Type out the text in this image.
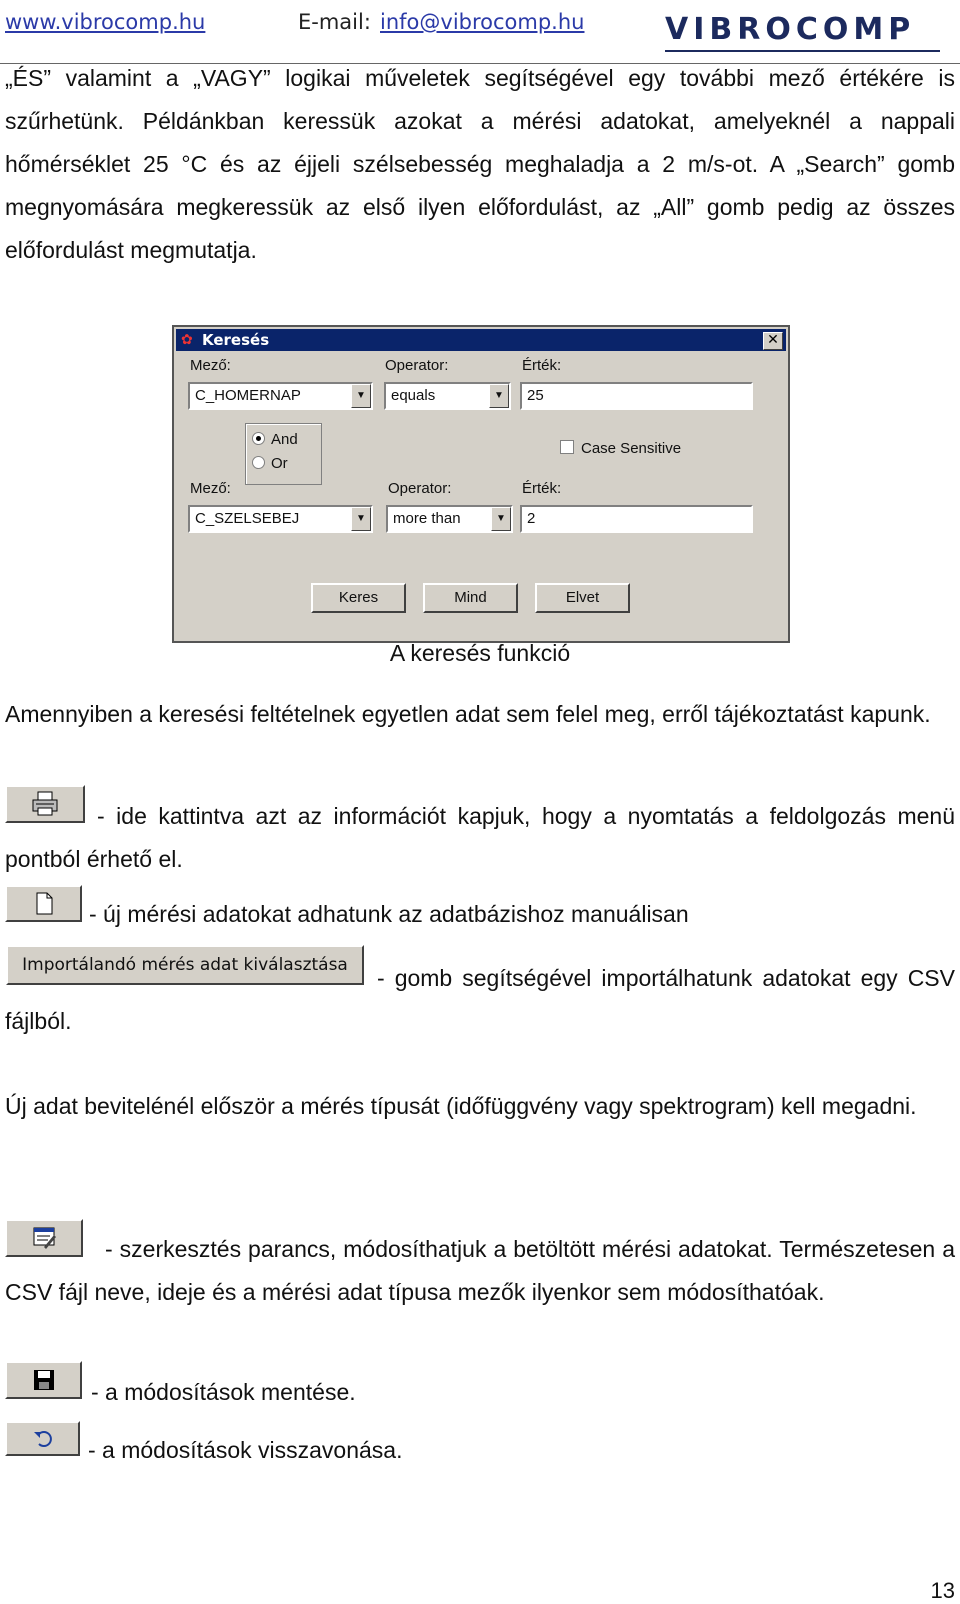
www.vibrocomp.hu	E-mail: info@vibrocomp.hu	VIBROCOMP

„ÉS” valamint a „VAGY” logikai műveletek segítségével egy további mező értékére is szűrhetünk. Példánkban keressük azokat a mérési adatokat, amelyeknél a nappali hőmérséklet 25 °C és az éjjeli szélsebesség meghaladja a 2 m/s-ot. A „Search” gomb megnyomására megkeressük az első ilyen előfordulást, az „All” gomb pedig az összes előfordulást megmutatja.

✿ Keresés	✕
Mező:	Operator:	Érték:
C_HOMERNAP	▼	equals	▼	25
And
Or
Case Sensitive
Mező:	Operator:	Érték:
C_SZELSEBEJ	▼	more than	▼	2
Keres	Mind	Elvet
A keresés funkció

Amennyiben a keresési feltételnek egyetlen adat sem felel meg, erről tájékoztatást kapunk.

- ide kattintva azt az információt kapjuk, hogy a nyomtatás a feldolgozás menü pontból érhető el.

- új mérési adatokat adhatunk az adatbázishoz manuálisan
Importálandó mérés adat kiválasztása	- gomb segítségével importálhatunk adatokat egy CSV fájlból.

Új adat bevitelénél először a mérés típusát (időfüggvény vagy spektrogram) kell megadni.

- szerkesztés parancs, módosíthatjuk a betöltött mérési adatokat. Természetesen a CSV fájl neve, ideje és a mérési adat típusa mezők ilyenkor sem módosíthatóak.

- a módosítások mentése.
- a módosítások visszavonása.
13
